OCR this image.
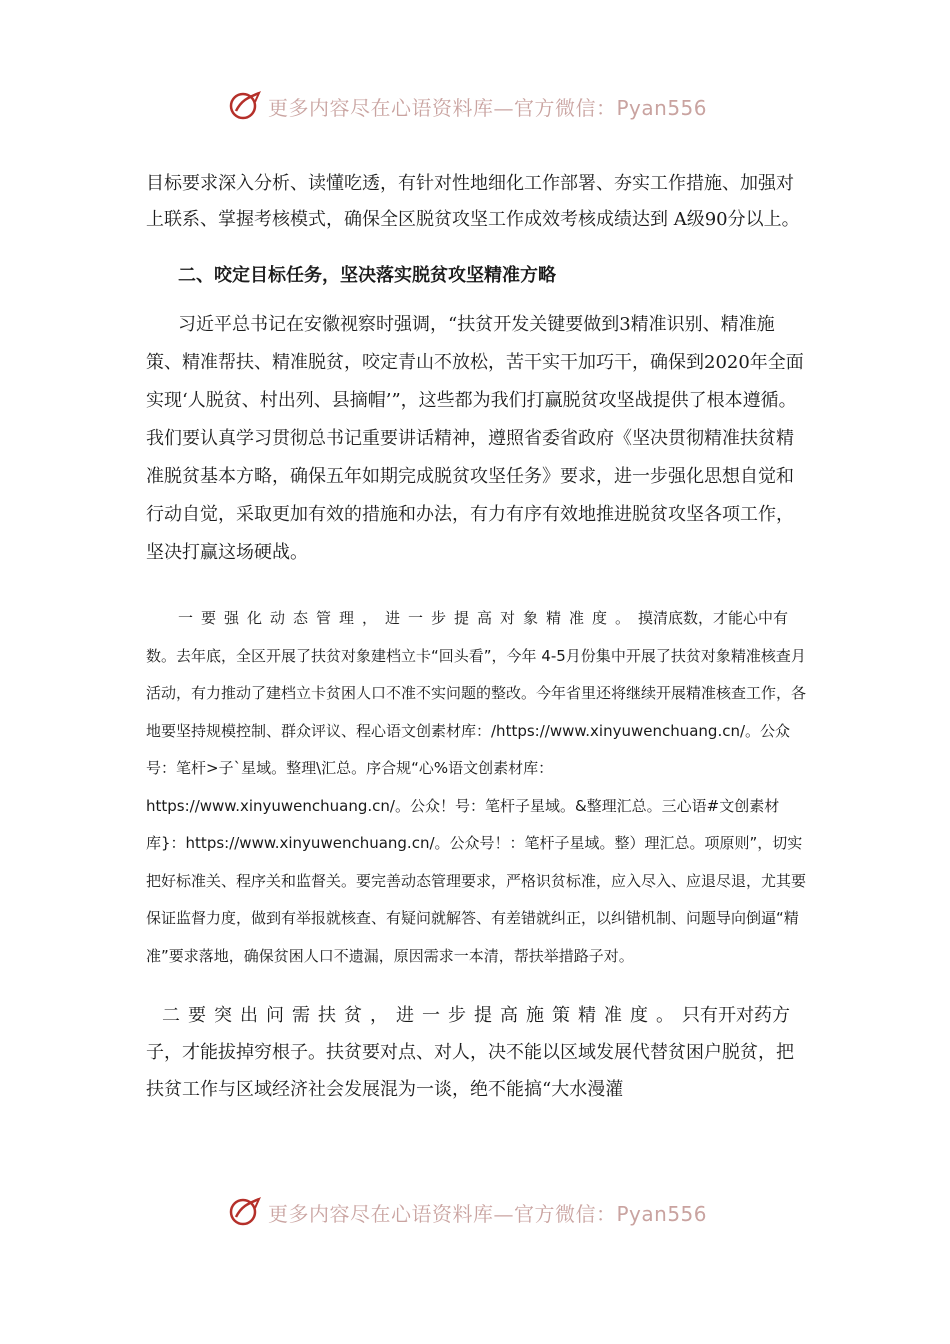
更多内容尽在心语资料库—官方微信：Pyan556

目标要求深入分析、读懂吃透，有针对性地细化工作部署、夯实工作措施、加强对上联系、掌握考核模式，确保全区脱贫攻坚工作成效考核成绩达到 A级90分以上。

二、咬定目标任务，坚决落实脱贫攻坚精准方略

习近平总书记在安徽视察时强调，“扶贫开发关键要做到3精准识别、精准施策、精准帮扶、精准脱贫，咬定青山不放松，苦干实干加巧干，确保到2020年全面实现‘人脱贫、村出列、县摘帽’”，这些都为我们打赢脱贫攻坚战提供了根本遵循。我们要认真学习贯彻总书记重要讲话精神，遵照省委省政府《坚决贯彻精准扶贫精准脱贫基本方略，确保五年如期完成脱贫攻坚任务》要求，进一步强化思想自觉和行动自觉，采取更加有效的措施和办法，有力有序有效地推进脱贫攻坚各项工作，坚决打赢这场硬战。

一要强化动态管理，进一步提高对象精准度。摸清底数，才能心中有数。去年底，全区开展了扶贫对象建档立卡“回头看”，今年 4-5月份集中开展了扶贫对象精准核查月活动，有力推动了建档立卡贫困人口不准不实问题的整改。今年省里还将继续开展精准核查工作，各地要坚持规模控制、群众评议、程心语文创素材库：/https://www.xinyuwenchuang.cn/。公众号：笔杆>子`星域。整理\汇总。序合规“心%语文创素材库：https://www.xinyuwenchuang.cn/。公众！号：笔杆子星域。&整理汇总。三心语#文创素材库}：https://www.xinyuwenchuang.cn/。公众号！：笔杆子星域。整）理汇总。项原则”，切实把好标准关、程序关和监督关。要完善动态管理要求，严格识贫标准，应入尽入、应退尽退，尤其要保证监督力度，做到有举报就核查、有疑问就解答、有差错就纠正，以纠错机制、问题导向倒逼“精准”要求落地，确保贫困人口不遗漏，原因需求一本清，帮扶举措路子对。

二要突出问需扶贫，进一步提高施策精准度。只有开对药方子，才能拔掉穷根子。扶贫要对点、对人，决不能以区域发展代替贫困户脱贫，把扶贫工作与区域经济社会发展混为一谈，绝不能搞“大水漫灌

更多内容尽在心语资料库—官方微信：Pyan556
